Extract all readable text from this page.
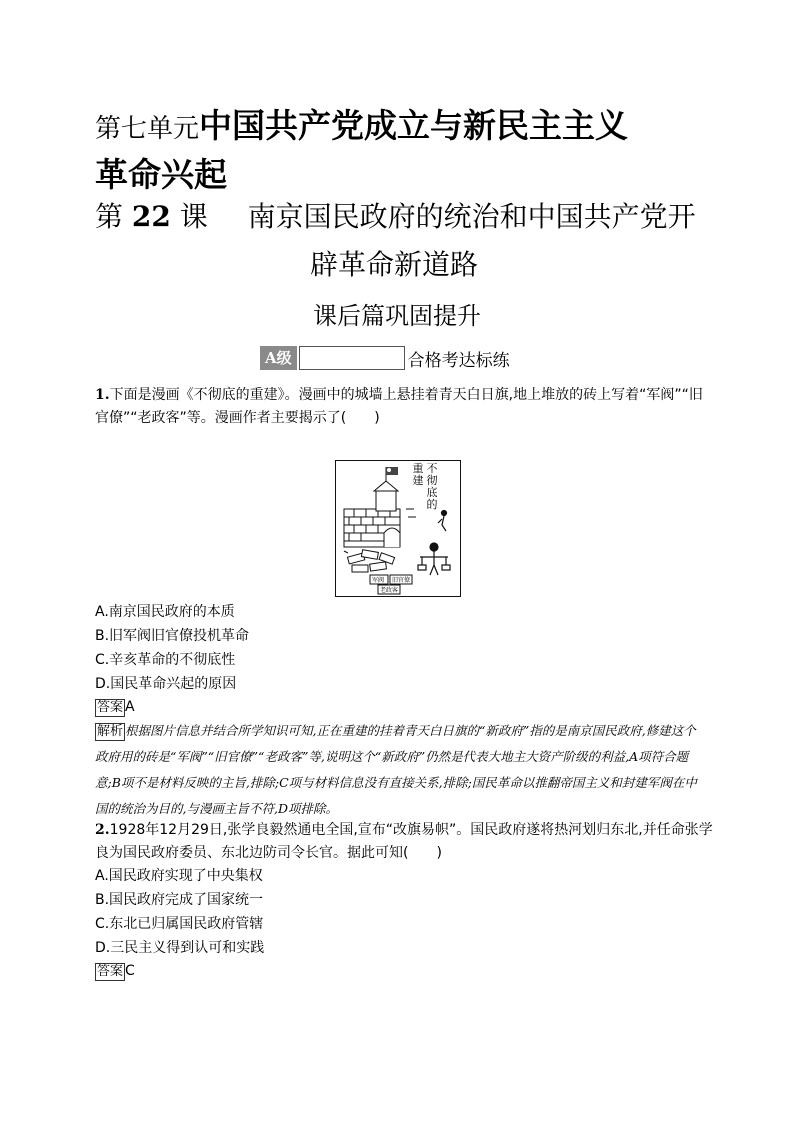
第七单元中国共产党成立与新民主主义
革命兴起
第 22 课 南京国民政府的统治和中国共产党开
辟革命新道路
课后篇巩固提升
A级	合格考达标练
1.下面是漫画《不彻底的重建》。漫画中的城墙上悬挂着青天白日旗,地上堆放的砖上写着“军阀”“旧官僚”“老政客”等。漫画作者主要揭示了(　　)
军阀 旧官僚
老政客
不彻底的
重建
A.南京国民政府的本质
B.旧军阀旧官僚投机革命
C.辛亥革命的不彻底性
D.国民革命兴起的原因
答案 A
解析 根据图片信息并结合所学知识可知,正在重建的挂着青天白日旗的“新政府”指的是南京国民政府,修建这个政府用的砖是“军阀”“旧官僚”“老政客”等,说明这个“新政府”仍然是代表大地主大资产阶级的利益,A项符合题意;B项不是材料反映的主旨,排除;C项与材料信息没有直接关系,排除;国民革命以推翻帝国主义和封建军阀在中国的统治为目的,与漫画主旨不符,D项排除。
2.1928年12月29日,张学良毅然通电全国,宣布“改旗易帜”。国民政府遂将热河划归东北,并任命张学良为国民政府委员、东北边防司令长官。据此可知(　　)
A.国民政府实现了中央集权
B.国民政府完成了国家统一
C.东北已归属国民政府管辖
D.三民主义得到认可和实践
答案 C
